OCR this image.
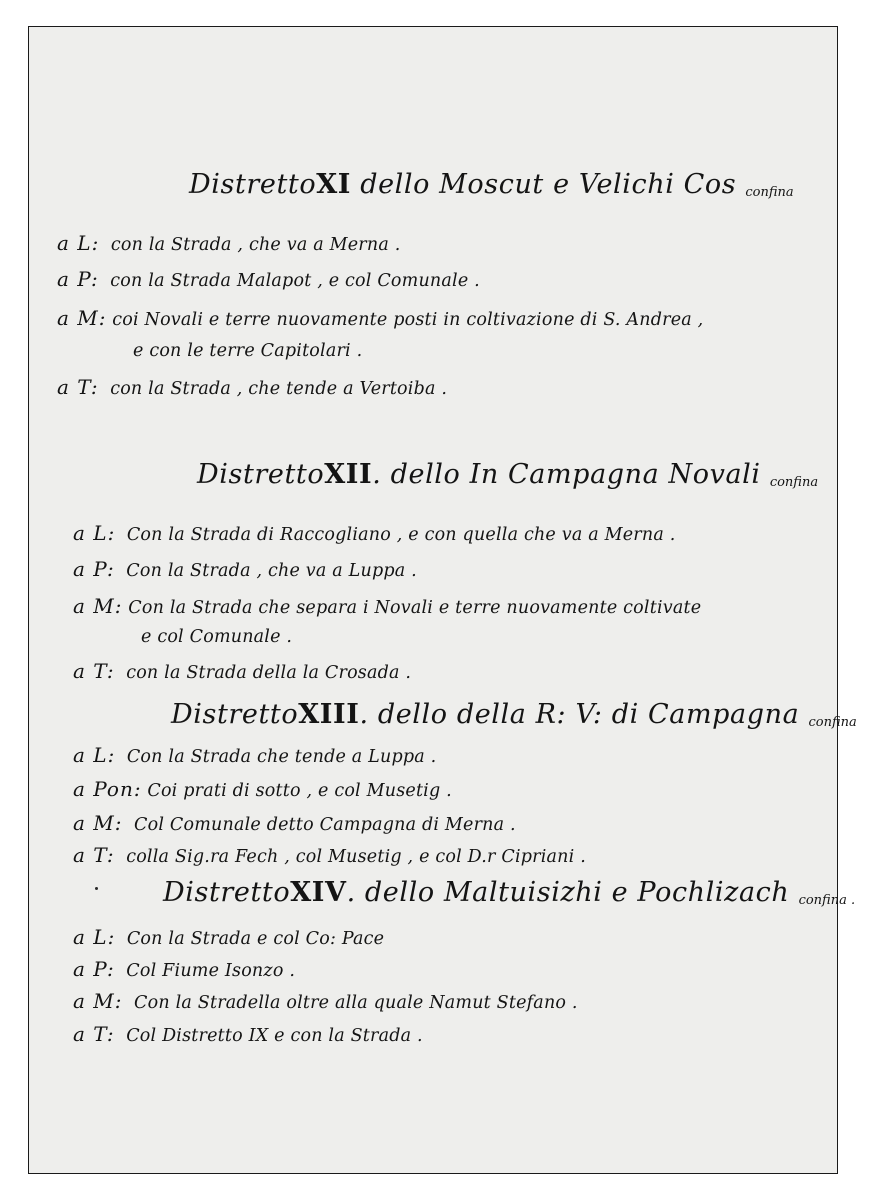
DistrettoXI dello Moscut e Velichi Cos confina
a L: con la Strada , che va a Merna .
a P: con la Strada Malapot , e col Comunale .
a M: coi Novali e terre nuovamente posti in coltivazione di S. Andrea ,
e con le terre Capitolari .
a T: con la Strada , che tende a Vertoiba .
DistrettoXII. dello In Campagna Novali confina
a L: Con la Strada di Raccogliano , e con quella che va a Merna .
a P: Con la Strada , che va a Luppa .
a M: Con la Strada che separa i Novali e terre nuovamente coltivate
e col Comunale .
a T: con la Strada della la Crosada .
DistrettoXIII. dello della R: V: di Campagna confina
a L: Con la Strada che tende a Luppa .
a Pon: Coi prati di sotto , e col Musetig .
a M: Col Comunale detto Campagna di Merna .
a T: colla Sig.ra Fech , col Musetig , e col D.r Cipriani .
DistrettoXIV. dello Maltuisizhi e Pochlizach confina .
a L: Con la Strada e col Co: Pace
a P: Col Fiume Isonzo .
a M: Con la Stradella oltre alla quale Namut Stefano .
a T: Col Distretto IX e con la Strada .
